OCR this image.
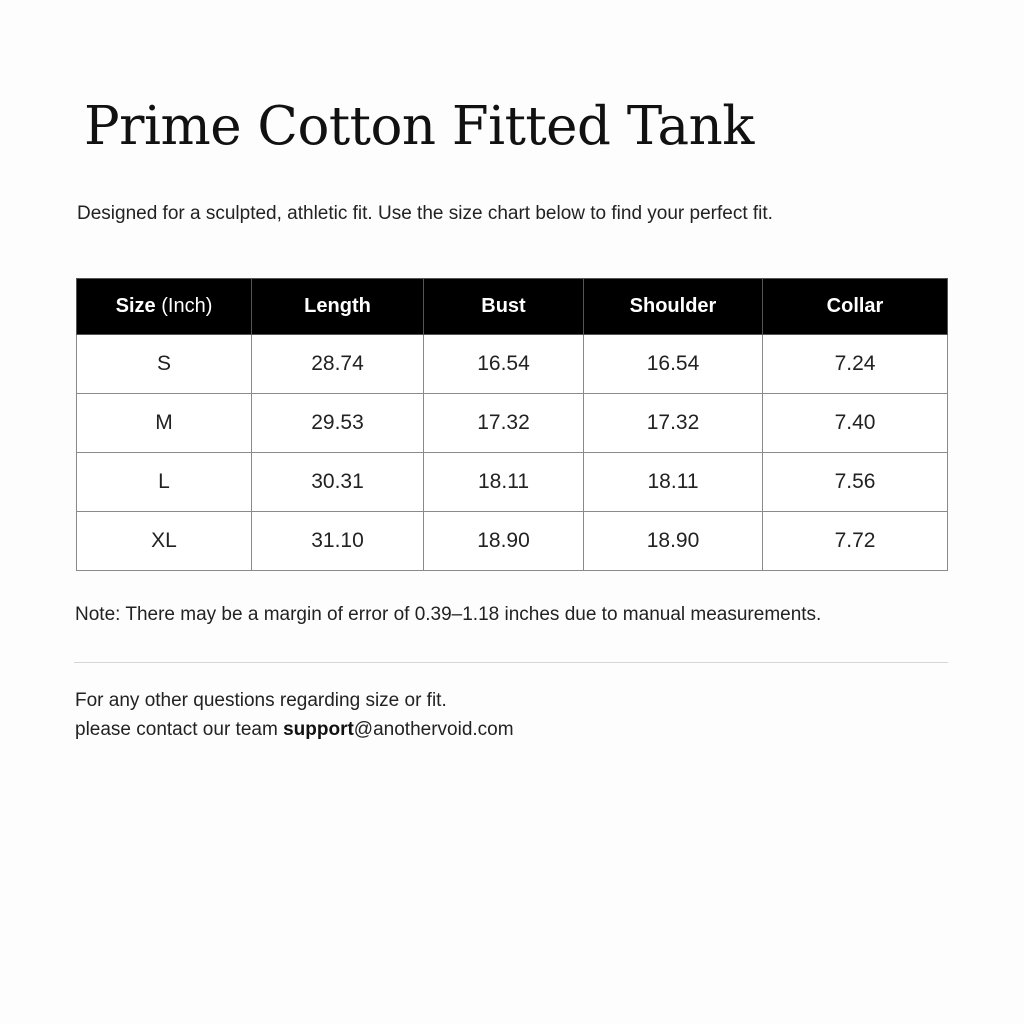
Prime Cotton Fitted Tank

Designed for a sculpted, athletic fit. Use the size chart below to find your perfect fit.

Size (Inch)	Length	Bust	Shoulder	Collar
S	28.74	16.54	16.54	7.24
M	29.53	17.32	17.32	7.40
L	30.31	18.11	18.11	7.56
XL	31.10	18.90	18.90	7.72

Note: There may be a margin of error of 0.39–1.18 inches due to manual measurements.

For any other questions regarding size or fit.
please contact our team support@anothervoid.com
